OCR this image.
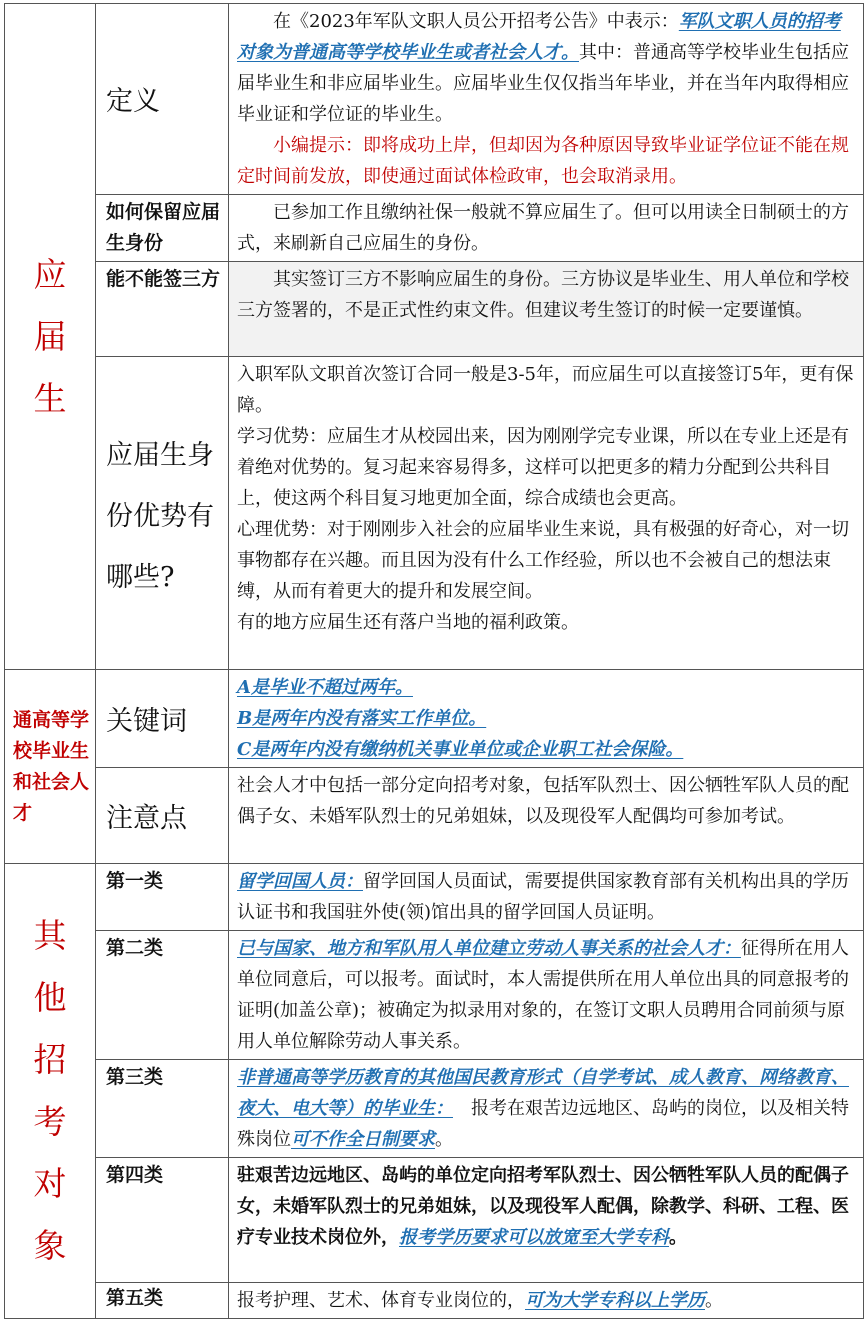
应届生	定义	在《2023年军队文职人员公开招考公告》中表示：军队文职人员的招考对象为普通高等学校毕业生或者社会人才。其中：普通高等学校毕业生包括应届毕业生和非应届毕业生。应届毕业生仅仅指当年毕业，并在当年内取得相应毕业证和学位证的毕业生。

小编提示：即将成功上岸，但却因为各种原因导致毕业证学位证不能在规定时间前发放，即使通过面试体检政审，也会取消录用。

	如何保留应届生身份	已参加工作且缴纳社保一般就不算应届生了。但可以用读全日制硕士的方式，来刷新自己应届生的身份。
	能不能签三方	其实签订三方不影响应届生的身份。三方协议是毕业生、用人单位和学校三方签署的，不是正式性约束文件。但建议考生签订的时候一定要谨慎。
	应届生身份优势有哪些?	入职军队文职首次签订合同一般是3-5年，而应届生可以直接签订5年，更有保障。

学习优势：应届生才从校园出来，因为刚刚学完专业课，所以在专业上还是有着绝对优势的。复习起来容易得多，这样可以把更多的精力分配到公共科目上，使这两个科目复习地更加全面，综合成绩也会更高。

心理优势：对于刚刚步入社会的应届毕业生来说，具有极强的好奇心，对一切事物都存在兴趣。而且因为没有什么工作经验，所以也不会被自己的想法束缚，从而有着更大的提升和发展空间。

有的地方应届生还有落户当地的福利政策。

通高等学校毕业生和社会人才	关键词	A是毕业不超过两年。

B是两年内没有落实工作单位。

C是两年内没有缴纳机关事业单位或企业职工社会保险。

	注意点	社会人才中包括一部分定向招考对象，包括军队烈士、因公牺牲军队人员的配偶子女、未婚军队烈士的兄弟姐妹，以及现役军人配偶均可参加考试。

其他招考对象	第一类	留学回国人员：留学回国人员面试，需要提供国家教育部有关机构出具的学历认证书和我国驻外使(领)馆出具的留学回国人员证明。
	第二类	已与国家、地方和军队用人单位建立劳动人事关系的社会人才：征得所在用人单位同意后，可以报考。面试时，本人需提供所在用人单位出具的同意报考的证明(加盖公章)；被确定为拟录用对象的，在签订文职人员聘用合同前须与原用人单位解除劳动人事关系。
	第三类	非普通高等学历教育的其他国民教育形式（自学考试、成人教育、网络教育、夜大、电大等）的毕业生：　报考在艰苦边远地区、岛屿的岗位，以及相关特殊岗位可不作全日制要求。
	第四类	驻艰苦边远地区、岛屿的单位定向招考军队烈士、因公牺牲军队人员的配偶子女，未婚军队烈士的兄弟姐妹，以及现役军人配偶，除教学、科研、工程、医疗专业技术岗位外，报考学历要求可以放宽至大学专科。
	第五类	报考护理、艺术、体育专业岗位的，可为大学专科以上学历。
